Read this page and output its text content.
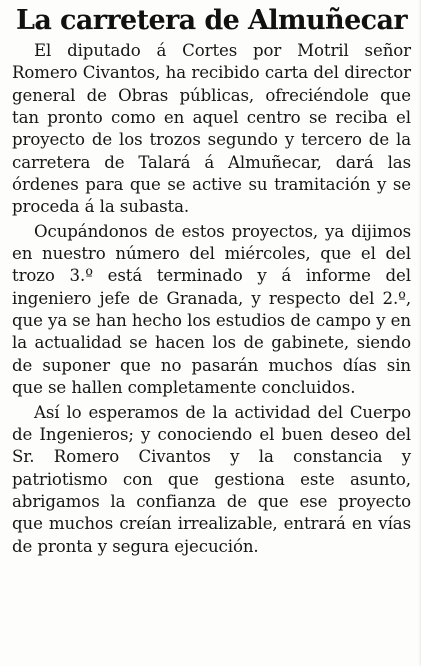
La carretera de Almuñecar

El diputado á Cortes por Motril señor Romero Civantos, ha recibido carta del director general de Obras públicas, ofreciéndole que tan pronto como en aquel centro se reciba el proyecto de los trozos segundo y tercero de la carretera de Talará á Almuñecar, dará las órdenes para que se active su tramitación y se proceda á la subasta.

Ocupándonos de estos proyectos, ya dijimos en nuestro número del miércoles, que el del trozo 3.º está terminado y á informe del ingeniero jefe de Granada, y respecto del 2.º, que ya se han hecho los estudios de campo y en la actualidad se hacen los de gabinete, siendo de suponer que no pasarán muchos días sin que se hallen completamente concluidos.

Así lo esperamos de la actividad del Cuerpo de Ingenieros; y conociendo el buen deseo del Sr. Romero Civantos y la constancia y patriotismo con que gestiona este asunto, abrigamos la confianza de que ese proyecto que muchos creían irrealizable, entrará en vías de pronta y segura ejecución.
